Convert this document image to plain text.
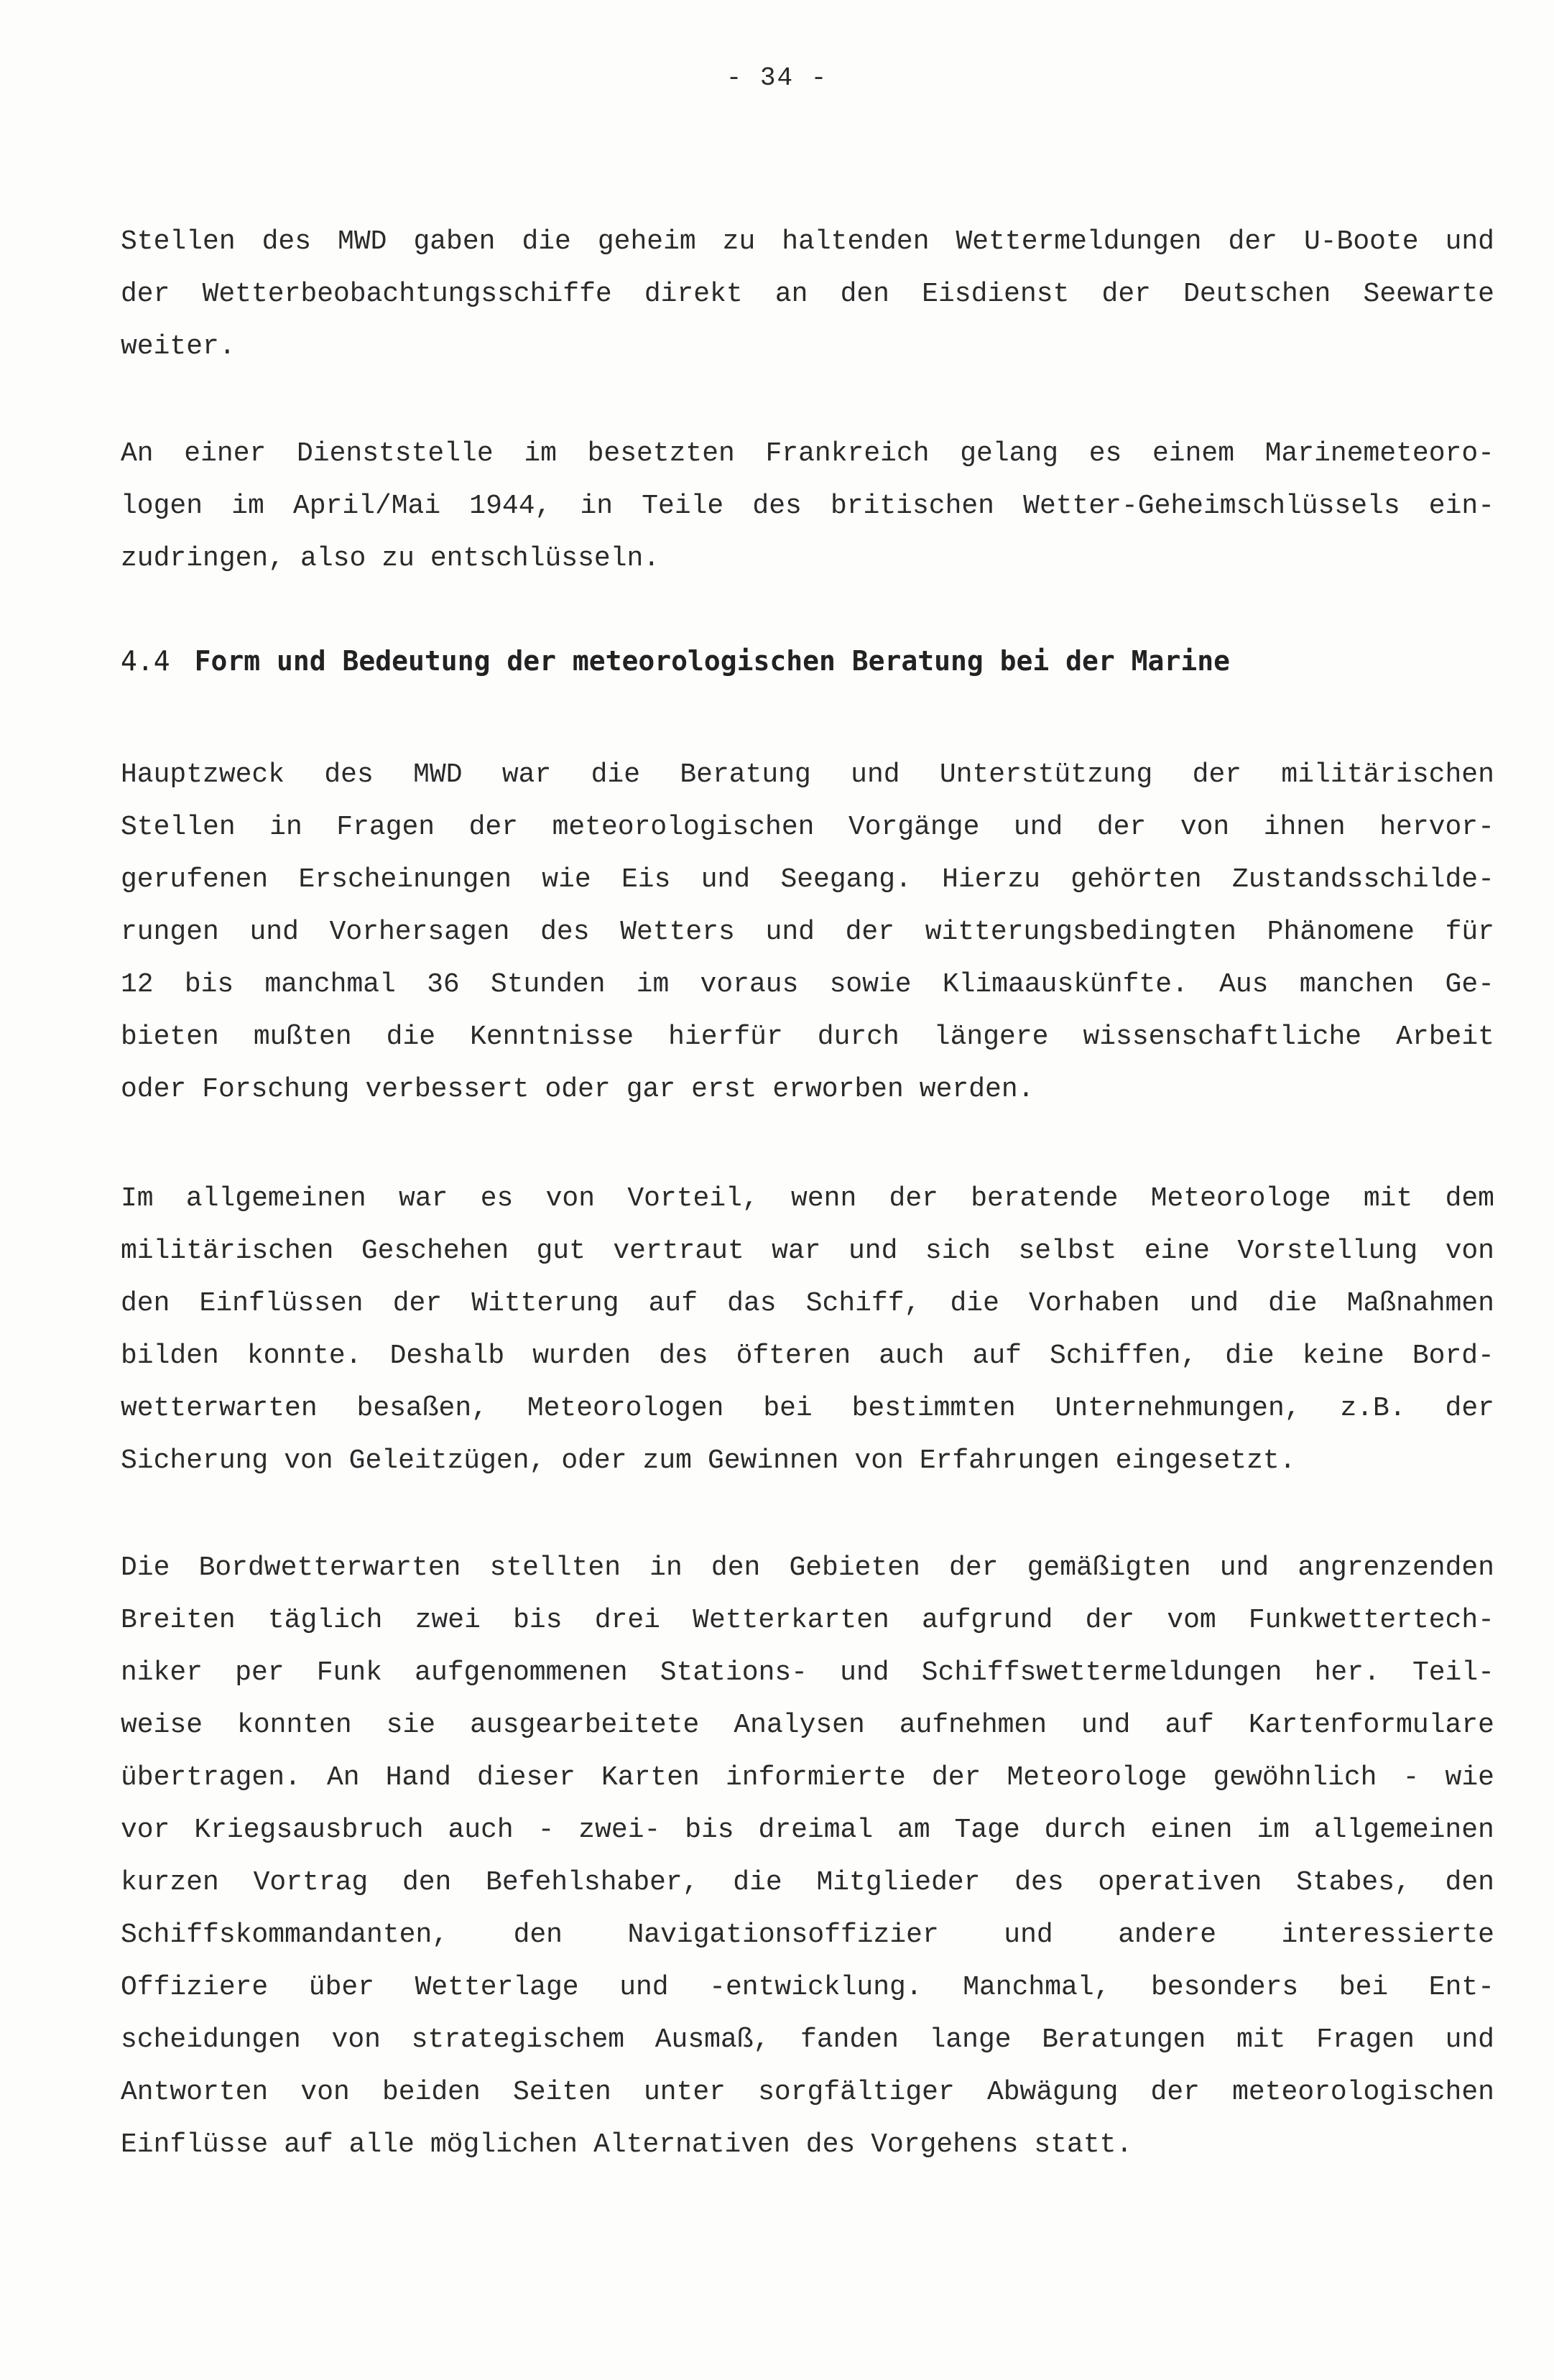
- 34 -
Stellen des MWD gaben die geheim zu haltenden Wettermeldungen der U-Boote und
der Wetterbeobachtungsschiffe direkt an den Eisdienst der Deutschen Seewarte
weiter.
An einer Dienststelle im besetzten Frankreich gelang es einem Marinemeteoro-
logen im April/Mai 1944, in Teile des britischen Wetter-Geheimschlüssels ein-
zudringen, also zu entschlüsseln.
4.4 Form und Bedeutung der meteorologischen Beratung bei der Marine
Hauptzweck des MWD war die Beratung und Unterstützung der militärischen
Stellen in Fragen der meteorologischen Vorgänge und der von ihnen hervor-
gerufenen Erscheinungen wie Eis und Seegang. Hierzu gehörten Zustandsschilde-
rungen und Vorhersagen des Wetters und der witterungsbedingten Phänomene für
12 bis manchmal 36 Stunden im voraus sowie Klimaauskünfte. Aus manchen Ge-
bieten mußten die Kenntnisse hierfür durch längere wissenschaftliche Arbeit
oder Forschung verbessert oder gar erst erworben werden.
Im allgemeinen war es von Vorteil, wenn der beratende Meteorologe mit dem
militärischen Geschehen gut vertraut war und sich selbst eine Vorstellung von
den Einflüssen der Witterung auf das Schiff, die Vorhaben und die Maßnahmen
bilden konnte. Deshalb wurden des öfteren auch auf Schiffen, die keine Bord-
wetterwarten besaßen, Meteorologen bei bestimmten Unternehmungen, z.B. der
Sicherung von Geleitzügen, oder zum Gewinnen von Erfahrungen eingesetzt.
Die Bordwetterwarten stellten in den Gebieten der gemäßigten und angrenzenden
Breiten täglich zwei bis drei Wetterkarten aufgrund der vom Funkwettertech-
niker per Funk aufgenommenen Stations- und Schiffswettermeldungen her. Teil-
weise konnten sie ausgearbeitete Analysen aufnehmen und auf Kartenformulare
übertragen. An Hand dieser Karten informierte der Meteorologe gewöhnlich - wie
vor Kriegsausbruch auch - zwei- bis dreimal am Tage durch einen im allgemeinen
kurzen Vortrag den Befehlshaber, die Mitglieder des operativen Stabes, den
Schiffskommandanten, den Navigationsoffizier und andere interessierte
Offiziere über Wetterlage und -entwicklung. Manchmal, besonders bei Ent-
scheidungen von strategischem Ausmaß, fanden lange Beratungen mit Fragen und
Antworten von beiden Seiten unter sorgfältiger Abwägung der meteorologischen
Einflüsse auf alle möglichen Alternativen des Vorgehens statt.
